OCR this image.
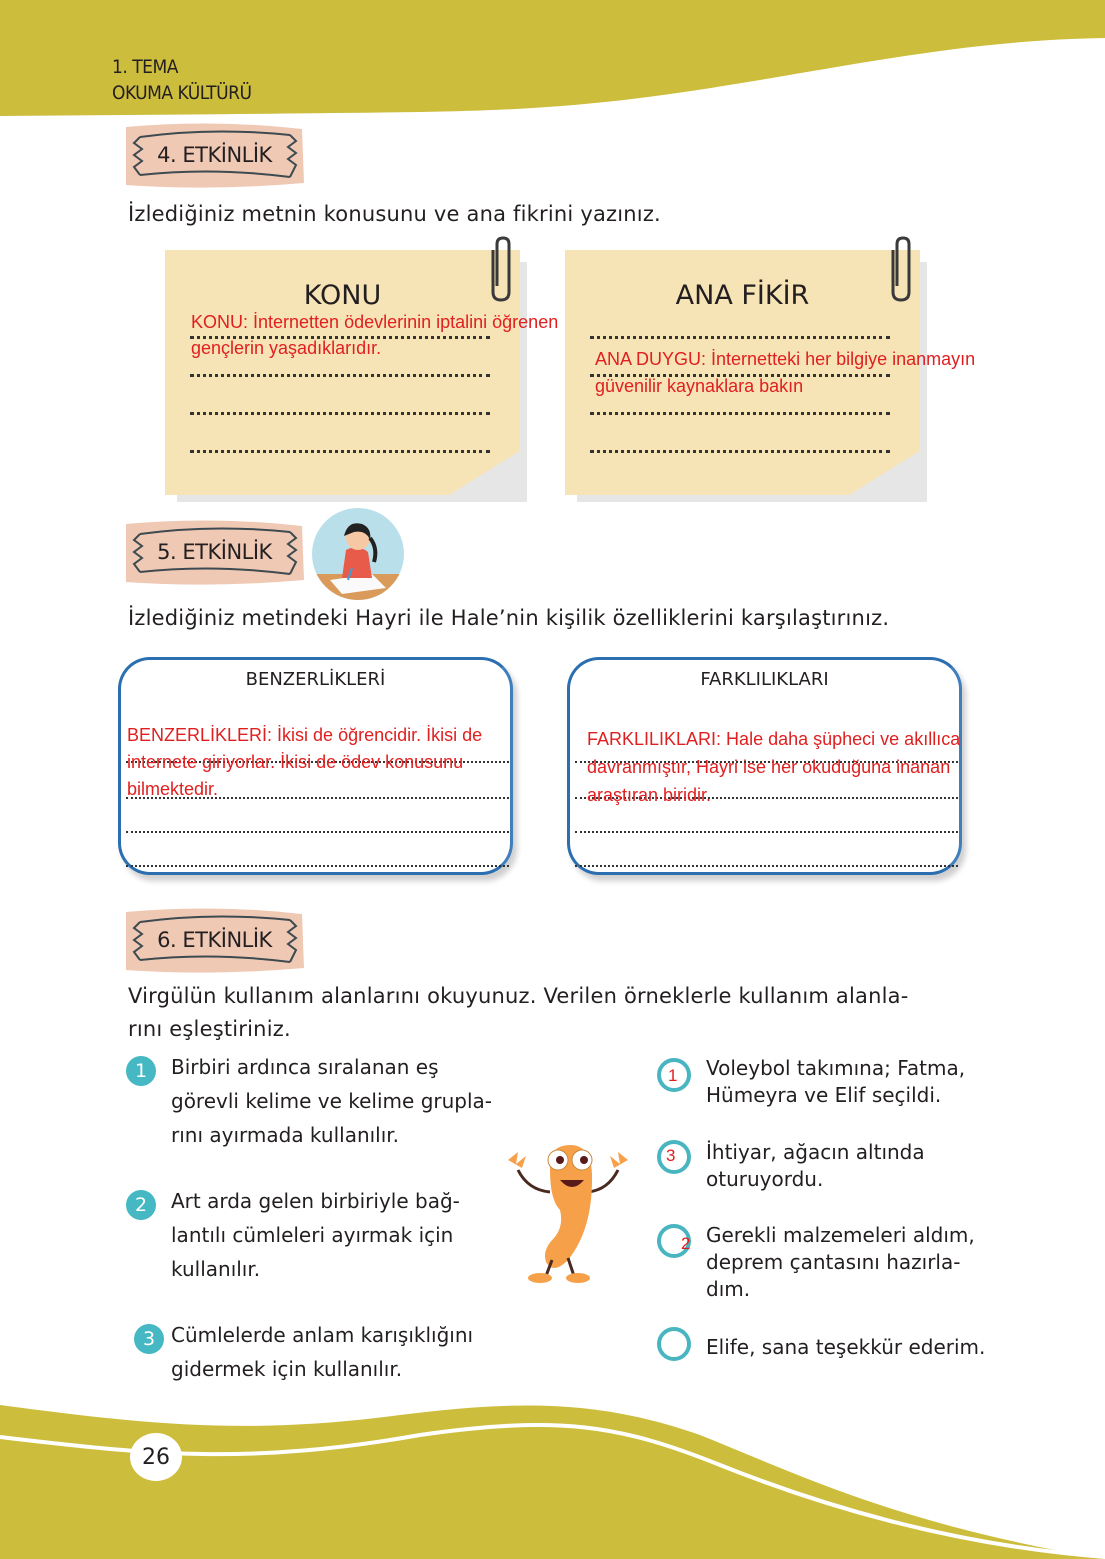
1. TEMA
OKUMA KÜLTÜRÜ
4. ETKİNLİK
İzlediğiniz metnin konusunu ve ana fikrini yazınız.
KONU
KONU: İnternetten ödevlerinin iptalini öğrenen
gençlerin yaşadıklarıdır.
ANA FİKİR
ANA DUYGU: İnternetteki her bilgiye inanmayın
güvenilir kaynaklara bakın
5. ETKİNLİK
İzlediğiniz metindeki Hayri ile Hale’nin kişilik özelliklerini karşılaştırınız.
BENZERLİKLERİ
BENZERLİKLERİ: İkisi de öğrencidir. İkisi de
internete giriyorlar. İkisi de ödev konusunu
bilmektedir.
FARKLILIKLARI
FARKLILIKLARI: Hale daha şüpheci ve akıllıca
davranmıştır, Hayri ise her okuduğuna inanan
araştıran biridir.
6. ETKİNLİK
Virgülün kullanım alanlarını okuyunuz. Verilen örneklerle kullanım alanla-
rını eşleştiriniz.
1	Birbiri ardınca sıralanan eş
görevli kelime ve kelime grupla-
rını ayırmada kullanılır.
2	Art arda gelen birbiriyle bağ-
lantılı cümleleri ayırmak için
kullanılır.
3 Cümlelerde anlam karışıklığını
gidermek için kullanılır.
1 Voleybol takımına; Fatma,
Hümeyra ve Elif seçildi.
3 İhtiyar, ağacın altında
oturuyordu.
2 Gerekli malzemeleri aldım,
deprem çantasını hazırla-
dım.
Elife, sana teşekkür ederim.
26
